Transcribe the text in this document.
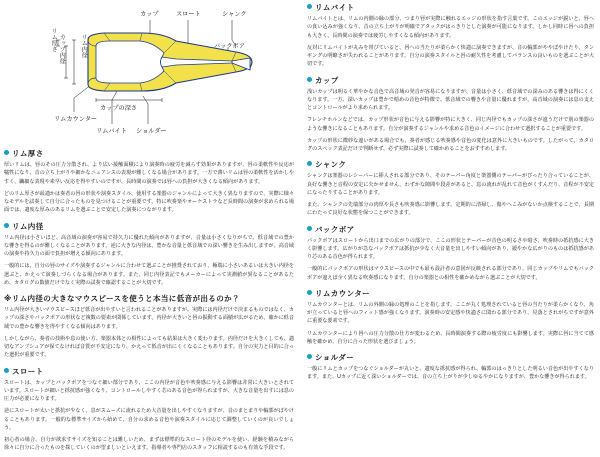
カップ	スロート	シャンク
バックボア
リムバイト ショルダー
リムカウンター
リム厚さ カップ内径	リム内径
カップの深さ
リム厚さ

厚いリムは、唇のその圧力分散され、より広い接触面積により演奏時の疲労を減らす効果がありますが、唇の柔軟性や反応が犠牲になり、音の立ち上がりや細かなニュアンスの表現が難しくなる場合があります。一方で薄いリムは唇の柔軟性を活かしやすく、繊細な表現や素早い反応を得やすいのですが、長時間の演奏では唇への負担が大きくなる傾向があります。

どのリム厚さが最適かは奏者の唇の形状や演奏スタイル、使用する楽器のジャンルによって大きく異なりますので、実際に様々なモデルを試奏して自分に合ったものを見つけることが重要です。特に吹奏楽やオーケストラなど長時間の演奏が求められる場面では、適度な厚みのあるリムを選ぶことで安定した演奏につながります。

リム内径

リム内径は小さいほど、高音域の演奏が容易で持久力に優れた傾向がありますが、音量は小さくなりがちで、低音域での豊かな響きを得るのが難しくなることがあります。逆に大きな内径は、豊かな音量と低音域での深い響きを生み出しますが、高音域の演奏や持久力の面で負担が増える傾向にあります。

一般的には、自分の唇のサイズや演奏するジャンルに合わせて選ぶことが推奨されており、極端に小さいあるいは大きい内径を選ぶと、かえって演奏しづらくなる場合があります。また、同じ内径表記でもメーカーによって実測値が異なることがあるため、カタログの数値だけでなく実際の試奏で確認することが大切です。

※リム内径の大きなマウスピースを使うと本当に低音が出るのか？

リム内径が大きいマウスピースほど低音が出やすいと言われることがありますが、実際には内径だけで決まるものではなく、カップの深さやバックボアの形状など複数の要素が関係しています。内径が大きいと唇の振動する面積が広がるため、確かに低音域での豊かな響きを得やすくなる傾向はあります。

しかしながら、奏者の技術や息の使い方、楽器本体との相性によっても結果は大きく変わります。内径だけを大きくしても、適切なアンブシュアが保てなければ音質が不安定になり、かえって低音が出にくくなることもあります。自分の実力と目的に合った選択が重要です。

スロート

スロートは、カップとバックボアをつなぐ細い部分であり、ここの内径が音色や吹奏感に与える影響は非常に大きいとされています。スロートが細いと抵抗感が強くなり、コントロールしやすく芯のある音色が得られますが、大きな音量を出すには息の圧力が必要になります。

逆にスロートが太いと抵抗が少なく、息がスムーズに流れるため大音量を出しやすくなりますが、音のまとまりや輪郭がぼやけることもあります。一般的な標準サイズから始めて、自分の求める音色や演奏スタイルに応じて調整していくのが良いでしょう。

初心者の場合、自分が欲求すサイズを知ることは難しいため、まずは標準的なスロート径のモデルを使い、経験を積みながら徐々に自分に合ったものを探していくのが望ましいといえます。指導者や専門店のスタッフに相談するのも有効な手段です。

リムバイト

リムバイトとは、リムの内側の縁の部分、つまり唇が実際に触れるエッジの形状を指す言葉です。このエッジが鋭いと、唇への食い込みが強くなり、音の立ち上がりが明確でアタックがはっきりとした演奏が可能になります。しかし同時に唇への負担も大きく、長時間の演奏では疲労しやすくなる傾向があります。

反対にリムバイトが丸みを帯びていると、唇への当たりが柔らかく快適に演奏できますが、音の輪郭がややぼやけたり、タンギングの明瞭さが失われることがあります。自分の演奏スタイルと唇の耐久性を考慮してバランスの良いものを選ぶことが大切です。

カップ

浅いカップは明るく華やかな音色で高音域の発音が容易になりますが、音量は小さく、低音域での深みのある響きは得にくくなります。一方、深いカップは豊かで暗めの音色が特徴で、低音域での響きや音量に優れますが、高音域の演奏には息の支えとコントロールがより求められます。

フレンチホルンなどでは、カップ形状が音色に与える影響が特に大きく、同じ内径でもカップの深さが違うだけで別の楽器のような響きになることもあります。自分が演奏するジャンルや求める音色のイメージに合わせて選択することが重要です。

カップの形状に微妙な違いがある場合でも、奏者が感じる吹奏感や音色の変化は意外に大きいものです。したがって、カタログのスペック表記だけで判断せず、必ず実際に試奏して確かめることをおすすめします。

シャンク

シャンクは楽器のレシーバーに挿入される部分であり、そのテーパー角度と楽器側のテーパーがぴったり合っていることが、良好な響きと音程の安定に欠かせません。わずかな隙間や段差があると、息の流れが乱れて音色がくすんだり、音程が不安定になったりすることがあります。

また、シャンクの先端部分の肉厚や長さも吹奏感に影響します。定期的に清掃し、傷やへこみがないか点検することで、長期にわたって良好な状態を保つことができます。

バックボア

バックボアはスロートから出口までの広がりの部分で、ここの形状とテーパーが音色の明るさや暗さ、吹奏時の抵抗感に大きく影響します。広がりが急なバックボアは抵抗が少なく大音量を出しやすい傾向があり、緩やかな広がりのものは抵抗感があり芯のある音色が得られます。

一般的にバックボアの形状はマウスピースの中でも最も設計者の意図が反映される部分であり、同じカップやリムでもバックボアが違えば全く異なる吹奏感になります。自分の楽器との相性を確かめながら選ぶことが大切です。

リムカウンター

リムカウンターとは、リムの外側の縁の処理のことを指します。ここが丸く処理されていると唇の当たりが柔らかくなり、角が立っていると唇へのフィット感が強くなります。演奏時の安定感や快適さに関わる部分であり、見落とされがちですが意外に重要な要素です。

リムカウンターにより唇への圧力分散の仕方が変わるため、長時間演奏する際の疲労度にも影響します。実際に唇に当てて感触を確かめ、自分に合った形状を選びましょう。

ショルダー

一般にリムとカップをつなぐショルダーが丸いと、適度な抵抗感が得られ、輪郭のはっきりとした明るい音色が出やすくなります。また、Uカップに近く深いショルダーでは、音の立ち上がりが少しゆるやかになりますが、豊かな響きが得られます。
